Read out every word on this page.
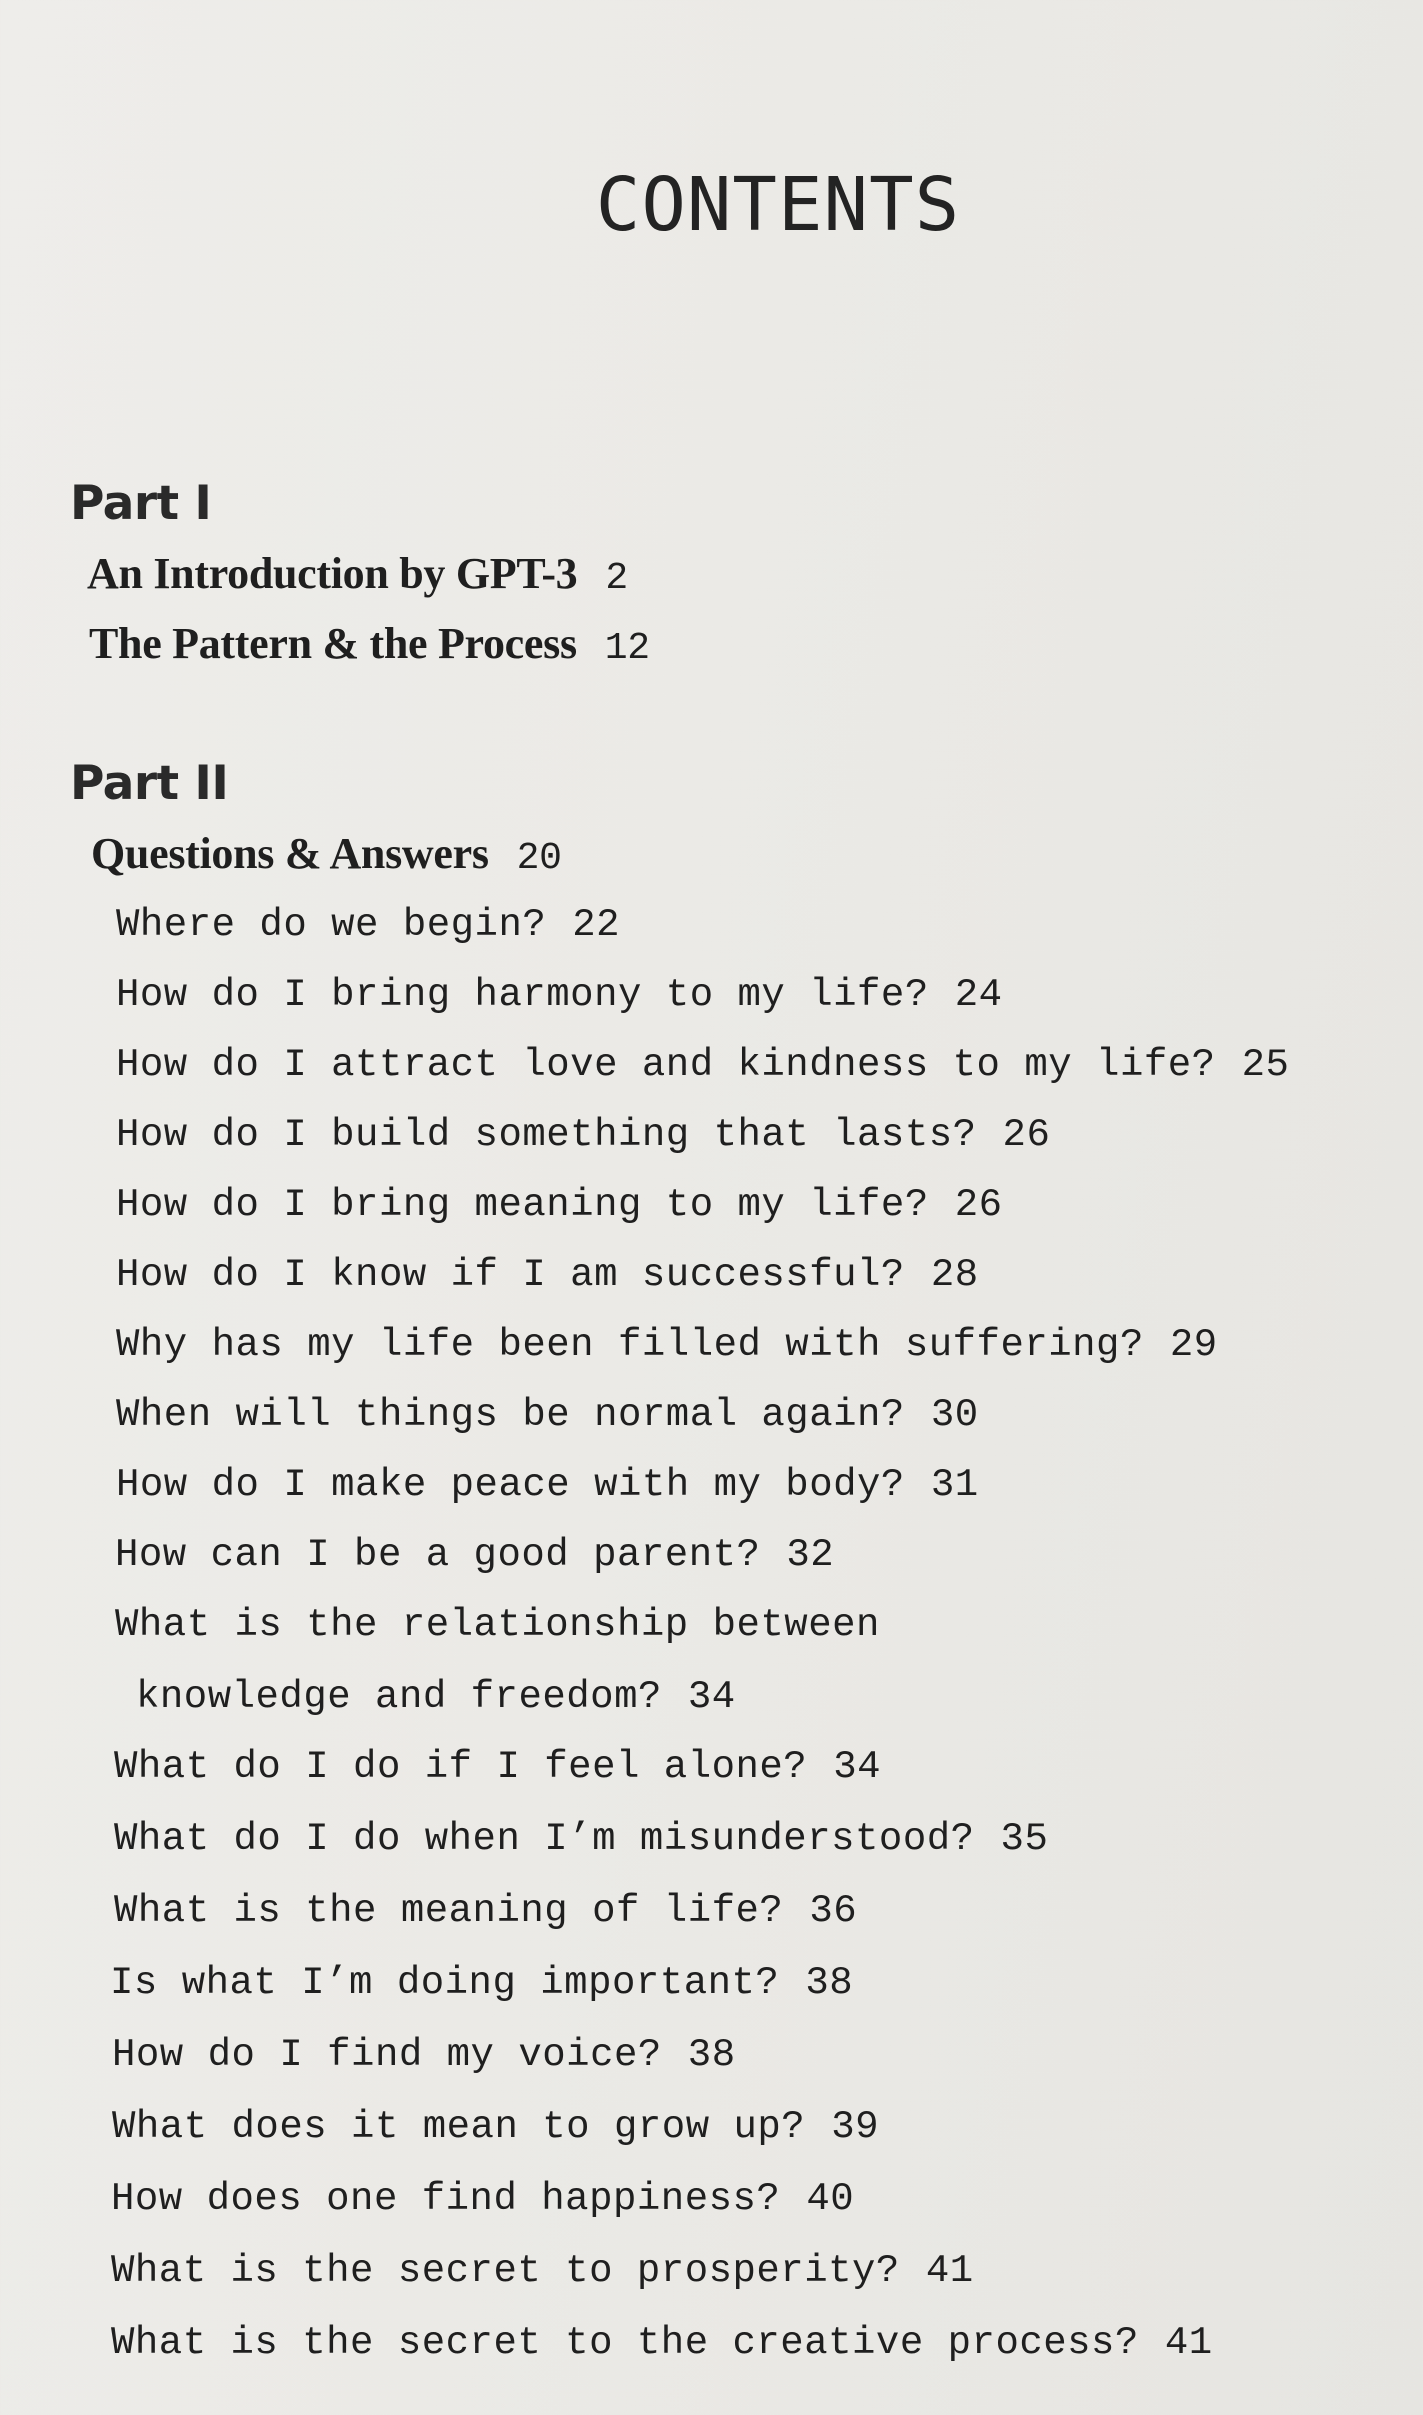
CONTENTS
Part I

An Introduction by GPT-3 2

The Pattern & the Process 12

Part II

Questions & Answers 20

Where do we begin? 22

How do I bring harmony to my life? 24

How do I attract love and kindness to my life? 25

How do I build something that lasts? 26

How do I bring meaning to my life? 26

How do I know if I am successful? 28

Why has my life been filled with suffering? 29

When will things be normal again? 30

How do I make peace with my body? 31

How can I be a good parent? 32

What is the relationship between

knowledge and freedom? 34

What do I do if I feel alone? 34

What do I do when I’m misunderstood? 35

What is the meaning of life? 36

Is what I’m doing important? 38

How do I find my voice? 38

What does it mean to grow up? 39

How does one find happiness? 40

What is the secret to prosperity? 41

What is the secret to the creative process? 41
